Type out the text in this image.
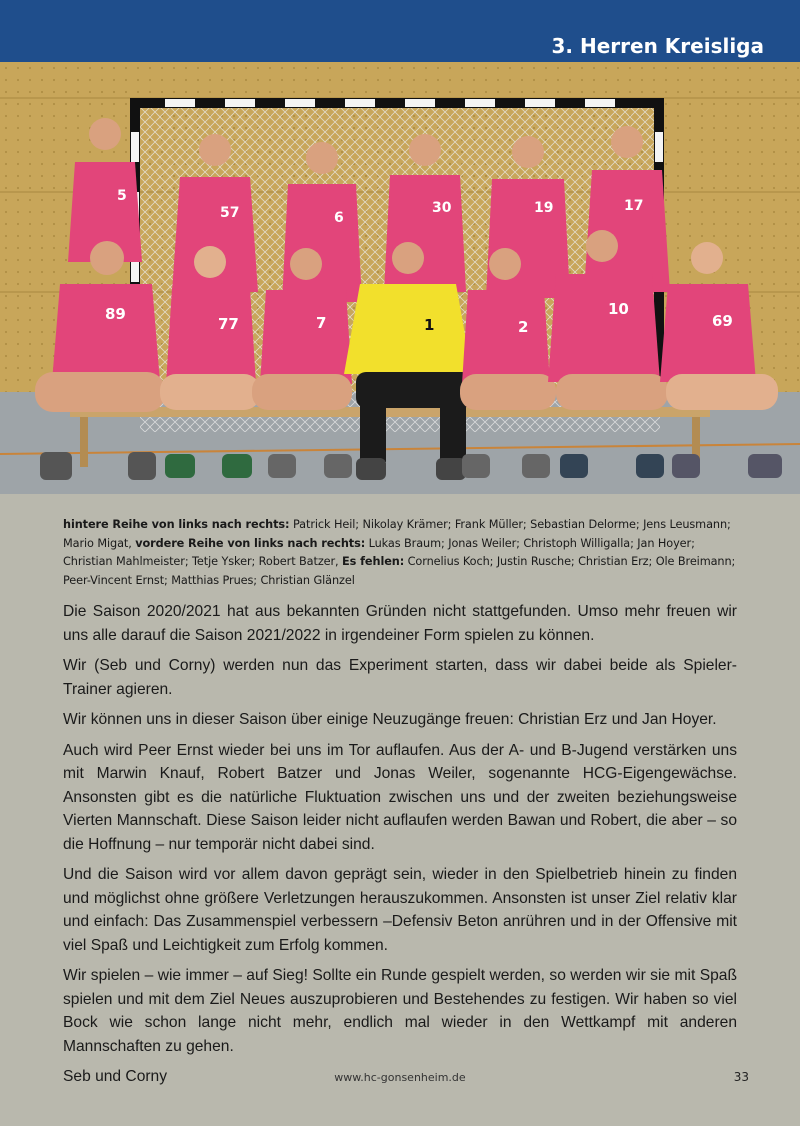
3. Herren Kreisliga
5
57	6
30	19	17
89
77	7	1	2
10
69
hintere Reihe von links nach rechts: Patrick Heil; Nikolay Krämer; Frank Müller; Sebastian Delorme; Jens Leusmann; Mario Migat, vordere Reihe von links nach rechts: Lukas Braum; Jonas Weiler; Christoph Willigalla; Jan Hoyer; Christian Mahlmeister; Tetje Ysker; Robert Batzer, Es fehlen: Cornelius Koch; Justin Rusche; Christian Erz; Ole Breimann; Peer-Vincent Ernst; Matthias Prues; Christian Glänzel

Die Saison 2020/2021 hat aus bekannten Gründen nicht stattgefunden. Umso mehr freuen wir uns alle darauf die Saison 2021/2022 in irgendeiner Form spielen zu können.

Wir (Seb und Corny) werden nun das Experiment starten, dass wir dabei beide als Spieler-Trainer agieren.

Wir können uns in dieser Saison über einige Neuzugänge freuen: Christian Erz und Jan Hoyer.

Auch wird Peer Ernst wieder bei uns im Tor auflaufen. Aus der A- und B-Jugend verstärken uns mit Marwin Knauf, Robert Batzer und Jonas Weiler, sogenannte HCG-Eigengewächse. Ansonsten gibt es die natürliche Fluktuation zwischen uns und der zweiten beziehungsweise Vierten Mannschaft. Diese Saison leider nicht auflaufen werden Bawan und Robert, die aber – so die Hoffnung – nur temporär nicht dabei sind.

Und die Saison wird vor allem davon geprägt sein, wieder in den Spielbetrieb hinein zu finden und möglichst ohne größere Verletzungen herauszukommen. Ansonsten ist unser Ziel relativ klar und einfach: Das Zusammenspiel verbessern –Defensiv Beton anrühren und in der Offensive mit viel Spaß und Leichtigkeit zum Erfolg kommen.

Wir spielen – wie immer – auf Sieg! Sollte ein Runde gespielt werden, so werden wir sie mit Spaß spielen und mit dem Ziel Neues auszuprobieren und Bestehendes zu festigen. Wir haben so viel Bock wie schon lange nicht mehr, endlich mal wieder in den Wettkampf mit anderen Mannschaften zu gehen.

Seb und Corny	www.hc-gonsenheim.de	33
